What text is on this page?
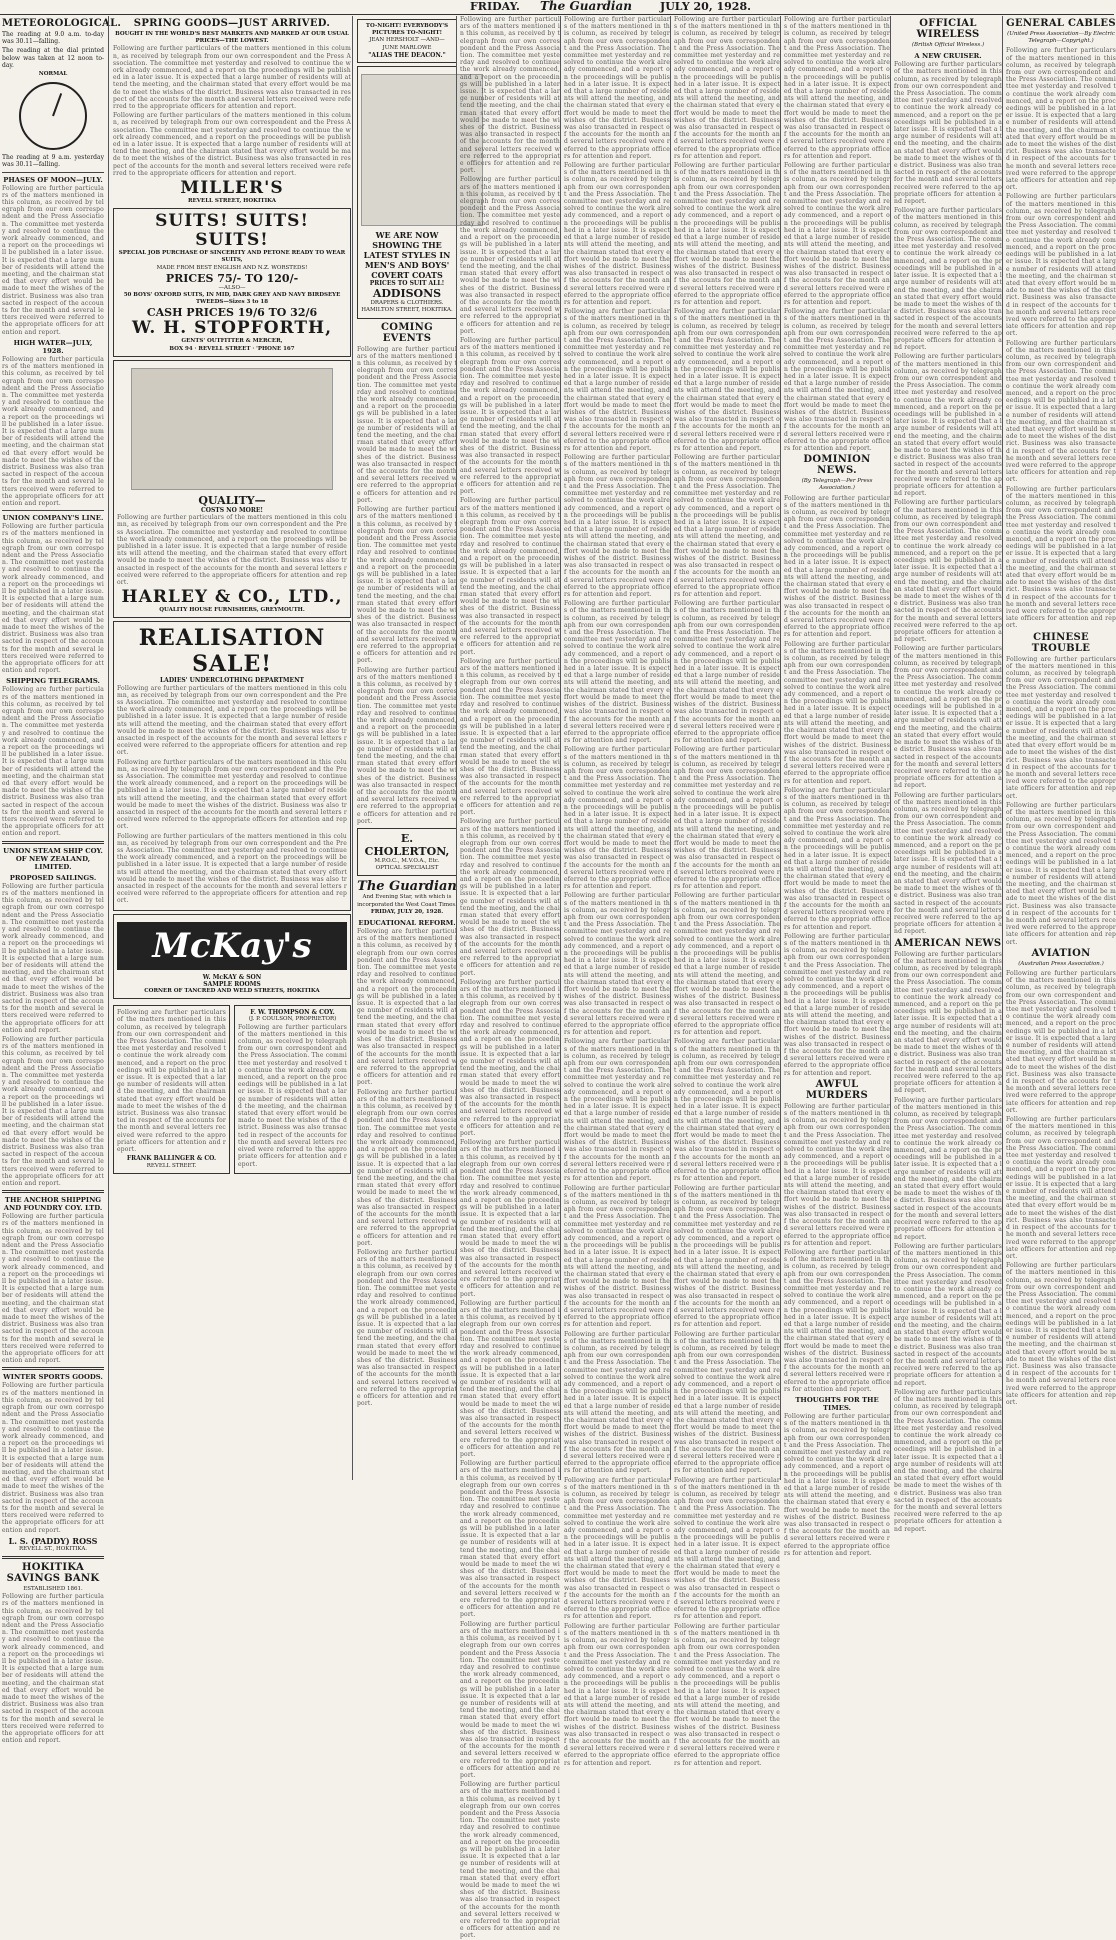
FRIDAY. The Guardian	JULY 20, 1928.
METEOROLOGICAL.

The reading at 9.0 a.m. to-day was 30.11—falling.

The reading at the dial printed below was taken at 12 noon to-day.

NORMAL

The reading at 9 a.m. yesterday was 30.11—falling.

PHASES OF MOON—JULY.

Following are further particulars of the matters mentioned in this column, as received by telegraph from our own correspondent and the Press Association. The committee met yesterday and resolved to continue the work already commenced, and a report on the proceedings will be published in a later issue. It is expected that a large number of residents will attend the meeting, and the chairman stated that every effort would be made to meet the wishes of the district. Business was also transacted in respect of the accounts for the month and several letters received were referred to the appropriate officers for attention and report.

HIGH WATER—JULY, 1928.

Following are further particulars of the matters mentioned in this column, as received by telegraph from our own correspondent and the Press Association. The committee met yesterday and resolved to continue the work already commenced, and a report on the proceedings will be published in a later issue. It is expected that a large number of residents will attend the meeting, and the chairman stated that every effort would be made to meet the wishes of the district. Business was also transacted in respect of the accounts for the month and several letters received were referred to the appropriate officers for attention and report.

UNION COMPANY'S LINE.

Following are further particulars of the matters mentioned in this column, as received by telegraph from our own correspondent and the Press Association. The committee met yesterday and resolved to continue the work already commenced, and a report on the proceedings will be published in a later issue. It is expected that a large number of residents will attend the meeting, and the chairman stated that every effort would be made to meet the wishes of the district. Business was also transacted in respect of the accounts for the month and several letters received were referred to the appropriate officers for attention and report.

SHIPPING TELEGRAMS.

Following are further particulars of the matters mentioned in this column, as received by telegraph from our own correspondent and the Press Association. The committee met yesterday and resolved to continue the work already commenced, and a report on the proceedings will be published in a later issue. It is expected that a large number of residents will attend the meeting, and the chairman stated that every effort would be made to meet the wishes of the district. Business was also transacted in respect of the accounts for the month and several letters received were referred to the appropriate officers for attention and report.

UNION STEAM SHIP COY. OF NEW ZEALAND, LIMITED.
PROPOSED SAILINGS.

Following are further particulars of the matters mentioned in this column, as received by telegraph from our own correspondent and the Press Association. The committee met yesterday and resolved to continue the work already commenced, and a report on the proceedings will be published in a later issue. It is expected that a large number of residents will attend the meeting, and the chairman stated that every effort would be made to meet the wishes of the district. Business was also transacted in respect of the accounts for the month and several letters received were referred to the appropriate officers for attention and report.

Following are further particulars of the matters mentioned in this column, as received by telegraph from our own correspondent and the Press Association. The committee met yesterday and resolved to continue the work already commenced, and a report on the proceedings will be published in a later issue. It is expected that a large number of residents will attend the meeting, and the chairman stated that every effort would be made to meet the wishes of the district. Business was also transacted in respect of the accounts for the month and several letters received were referred to the appropriate officers for attention and report.

THE ANCHOR SHIPPING AND FOUNDRY COY. LTD.

Following are further particulars of the matters mentioned in this column, as received by telegraph from our own correspondent and the Press Association. The committee met yesterday and resolved to continue the work already commenced, and a report on the proceedings will be published in a later issue. It is expected that a large number of residents will attend the meeting, and the chairman stated that every effort would be made to meet the wishes of the district. Business was also transacted in respect of the accounts for the month and several letters received were referred to the appropriate officers for attention and report.

WINTER SPORTS GOODS.

Following are further particulars of the matters mentioned in this column, as received by telegraph from our own correspondent and the Press Association. The committee met yesterday and resolved to continue the work already commenced, and a report on the proceedings will be published in a later issue. It is expected that a large number of residents will attend the meeting, and the chairman stated that every effort would be made to meet the wishes of the district. Business was also transacted in respect of the accounts for the month and several letters received were referred to the appropriate officers for attention and report.

L. S. (PADDY) ROSS
REVELL ST., HOKITIKA.
HOKITIKA SAVINGS BANK
ESTABLISHED 1861.

Following are further particulars of the matters mentioned in this column, as received by telegraph from our own correspondent and the Press Association. The committee met yesterday and resolved to continue the work already commenced, and a report on the proceedings will be published in a later issue. It is expected that a large number of residents will attend the meeting, and the chairman stated that every effort would be made to meet the wishes of the district. Business was also transacted in respect of the accounts for the month and several letters received were referred to the appropriate officers for attention and report.

SPRING GOODS—JUST ARRIVED.
BOUGHT IN THE WORLD'S BEST MARKETS AND MARKED AT OUR USUAL PRICES—THE LOWEST.

Following are further particulars of the matters mentioned in this column, as received by telegraph from our own correspondent and the Press Association. The committee met yesterday and resolved to continue the work already commenced, and a report on the proceedings will be published in a later issue. It is expected that a large number of residents will attend the meeting, and the chairman stated that every effort would be made to meet the wishes of the district. Business was also transacted in respect of the accounts for the month and several letters received were referred to the appropriate officers for attention and report.

Following are further particulars of the matters mentioned in this column, as received by telegraph from our own correspondent and the Press Association. The committee met yesterday and resolved to continue the work already commenced, and a report on the proceedings will be published in a later issue. It is expected that a large number of residents will attend the meeting, and the chairman stated that every effort would be made to meet the wishes of the district. Business was also transacted in respect of the accounts for the month and several letters received were referred to the appropriate officers for attention and report.

MILLER'S
REVELL STREET, HOKITIKA
SUITS! SUITS! SUITS!
SPECIAL JOB PURCHASE OF SINCERITY AND PETONE READY TO WEAR SUITS,
MADE FROM BEST ENGLISH AND N.Z. WORSTEDS!
PRICES 75/- TO 120/-
—ALSO—
50 BOYS' OXFORD SUITS, IN MID, DARK GREY AND NAVY BIRDSEYE TWEEDS—Sizes 3 to 18
CASH PRICES 19/6 TO 32/6
W. H. STOPFORTH,
GENTS' OUTFITTER & MERCER,
BOX 94 · REVELL STREET · 'PHONE 167
QUALITY—
COSTS NO MORE!

Following are further particulars of the matters mentioned in this column, as received by telegraph from our own correspondent and the Press Association. The committee met yesterday and resolved to continue the work already commenced, and a report on the proceedings will be published in a later issue. It is expected that a large number of residents will attend the meeting, and the chairman stated that every effort would be made to meet the wishes of the district. Business was also transacted in respect of the accounts for the month and several letters received were referred to the appropriate officers for attention and report.

HARLEY & CO., LTD.,
QUALITY HOUSE FURNISHERS, GREYMOUTH.
REALISATION SALE!
LADIES' UNDERCLOTHING DEPARTMENT

Following are further particulars of the matters mentioned in this column, as received by telegraph from our own correspondent and the Press Association. The committee met yesterday and resolved to continue the work already commenced, and a report on the proceedings will be published in a later issue. It is expected that a large number of residents will attend the meeting, and the chairman stated that every effort would be made to meet the wishes of the district. Business was also transacted in respect of the accounts for the month and several letters received were referred to the appropriate officers for attention and report.

Following are further particulars of the matters mentioned in this column, as received by telegraph from our own correspondent and the Press Association. The committee met yesterday and resolved to continue the work already commenced, and a report on the proceedings will be published in a later issue. It is expected that a large number of residents will attend the meeting, and the chairman stated that every effort would be made to meet the wishes of the district. Business was also transacted in respect of the accounts for the month and several letters received were referred to the appropriate officers for attention and report.

Following are further particulars of the matters mentioned in this column, as received by telegraph from our own correspondent and the Press Association. The committee met yesterday and resolved to continue the work already commenced, and a report on the proceedings will be published in a later issue. It is expected that a large number of residents will attend the meeting, and the chairman stated that every effort would be made to meet the wishes of the district. Business was also transacted in respect of the accounts for the month and several letters received were referred to the appropriate officers for attention and report.

McKay's
W. McKAY & SON
SAMPLE ROOMS
CORNER OF TANCRED AND WELD STREETS, HOKITIKA

Following are further particulars of the matters mentioned in this column, as received by telegraph from our own correspondent and the Press Association. The committee met yesterday and resolved to continue the work already commenced, and a report on the proceedings will be published in a later issue. It is expected that a large number of residents will attend the meeting, and the chairman stated that every effort would be made to meet the wishes of the district. Business was also transacted in respect of the accounts for the month and several letters received were referred to the appropriate officers for attention and report.

FRANK BALLINGER & CO.
REVELL STREET.
F. W. THOMPSON & COY.
(J. P. COULSON, PROPRIETOR)

Following are further particulars of the matters mentioned in this column, as received by telegraph from our own correspondent and the Press Association. The committee met yesterday and resolved to continue the work already commenced, and a report on the proceedings will be published in a later issue. It is expected that a large number of residents will attend the meeting, and the chairman stated that every effort would be made to meet the wishes of the district. Business was also transacted in respect of the accounts for the month and several letters received were referred to the appropriate officers for attention and report.

TO-NIGHT! EVERYBODY'S PICTURES TO-NIGHT!
JEAN HERSHOLT —AND— JUNE MARLOWE
"ALIAS THE DEACON."
WE ARE NOW SHOWING THE LATEST STYLES IN MEN'S AND BOYS' COVERT COATS
PRICES TO SUIT ALL!
ADDISONS
DRAPERS & CLOTHIERS.
HAMILTON STREET, HOKITIKA.
COMING EVENTS

Following are further particulars of the matters mentioned in this column, as received by telegraph from our own correspondent and the Press Association. The committee met yesterday and resolved to continue the work already commenced, and a report on the proceedings will be published in a later issue. It is expected that a large number of residents will attend the meeting, and the chairman stated that every effort would be made to meet the wishes of the district. Business was also transacted in respect of the accounts for the month and several letters received were referred to the appropriate officers for attention and report.

Following are further particulars of the matters mentioned in this column, as received by telegraph from our own correspondent and the Press Association. The committee met yesterday and resolved to continue the work already commenced, and a report on the proceedings will be published in a later issue. It is expected that a large number of residents will attend the meeting, and the chairman stated that every effort would be made to meet the wishes of the district. Business was also transacted in respect of the accounts for the month and several letters received were referred to the appropriate officers for attention and report.

Following are further particulars of the matters mentioned in this column, as received by telegraph from our own correspondent and the Press Association. The committee met yesterday and resolved to continue the work already commenced, and a report on the proceedings will be published in a later issue. It is expected that a large number of residents will attend the meeting, and the chairman stated that every effort would be made to meet the wishes of the district. Business was also transacted in respect of the accounts for the month and several letters received were referred to the appropriate officers for attention and report.

E. CHOLERTON,
M.P.O.C., M.V.O.A., Etc. OPTICAL SPECIALIST
The Guardian
And Evening Star, with which is incorporated the West Coast Times.
FRIDAY, JULY 20, 1928.
EDUCATIONAL REFORM.

Following are further particulars of the matters mentioned in this column, as received by telegraph from our own correspondent and the Press Association. The committee met yesterday and resolved to continue the work already commenced, and a report on the proceedings will be published in a later issue. It is expected that a large number of residents will attend the meeting, and the chairman stated that every effort would be made to meet the wishes of the district. Business was also transacted in respect of the accounts for the month and several letters received were referred to the appropriate officers for attention and report.

Following are further particulars of the matters mentioned in this column, as received by telegraph from our own correspondent and the Press Association. The committee met yesterday and resolved to continue the work already commenced, and a report on the proceedings will be published in a later issue. It is expected that a large number of residents will attend the meeting, and the chairman stated that every effort would be made to meet the wishes of the district. Business was also transacted in respect of the accounts for the month and several letters received were referred to the appropriate officers for attention and report.

Following are further particulars of the matters mentioned in this column, as received by telegraph from our own correspondent and the Press Association. The committee met yesterday and resolved to continue the work already commenced, and a report on the proceedings will be published in a later issue. It is expected that a large number of residents will attend the meeting, and the chairman stated that every effort would be made to meet the wishes of the district. Business was also transacted in respect of the accounts for the month and several letters received were referred to the appropriate officers for attention and report.

Following are further particulars of the matters mentioned in this column, as received by telegraph from our own correspondent and the Press Association. The committee met yesterday and resolved to continue the work already commenced, and a report on the proceedings will be published in a later issue. It is expected that a large number of residents will attend the meeting, and the chairman stated that every effort would be made to meet the wishes of the district. Business was also transacted in respect of the accounts for the month and several letters received were referred to the appropriate officers for attention and report.

Following are further particulars of the matters mentioned in this column, as received by telegraph from our own correspondent and the Press Association. The committee met yesterday and resolved to continue the work already commenced, and a report on the proceedings will be published in a later issue. It is expected that a large number of residents will attend the meeting, and the chairman stated that every effort would be made to meet the wishes of the district. Business was also transacted in respect of the accounts for the month and several letters received were referred to the appropriate officers for attention and report.

Following are further particulars of the matters mentioned in this column, as received by telegraph from our own correspondent and the Press Association. The committee met yesterday and resolved to continue the work already commenced, and a report on the proceedings will be published in a later issue. It is expected that a large number of residents will attend the meeting, and the chairman stated that every effort would be made to meet the wishes of the district. Business was also transacted in respect of the accounts for the month and several letters received were referred to the appropriate officers for attention and report.

Following are further particulars of the matters mentioned in this column, as received by telegraph from our own correspondent and the Press Association. The committee met yesterday and resolved to continue the work already commenced, and a report on the proceedings will be published in a later issue. It is expected that a large number of residents will attend the meeting, and the chairman stated that every effort would be made to meet the wishes of the district. Business was also transacted in respect of the accounts for the month and several letters received were referred to the appropriate officers for attention and report.

Following are further particulars of the matters mentioned in this column, as received by telegraph from our own correspondent and the Press Association. The committee met yesterday and resolved to continue the work already commenced, and a report on the proceedings will be published in a later issue. It is expected that a large number of residents will attend the meeting, and the chairman stated that every effort would be made to meet the wishes of the district. Business was also transacted in respect of the accounts for the month and several letters received were referred to the appropriate officers for attention and report.

Following are further particulars of the matters mentioned in this column, as received by telegraph from our own correspondent and the Press Association. The committee met yesterday and resolved to continue the work already commenced, and a report on the proceedings will be published in a later issue. It is expected that a large number of residents will attend the meeting, and the chairman stated that every effort would be made to meet the wishes of the district. Business was also transacted in respect of the accounts for the month and several letters received were referred to the appropriate officers for attention and report.

Following are further particulars of the matters mentioned in this column, as received by telegraph from our own correspondent and the Press Association. The committee met yesterday and resolved to continue the work already commenced, and a report on the proceedings will be published in a later issue. It is expected that a large number of residents will attend the meeting, and the chairman stated that every effort would be made to meet the wishes of the district. Business was also transacted in respect of the accounts for the month and several letters received were referred to the appropriate officers for attention and report.

Following are further particulars of the matters mentioned in this column, as received by telegraph from our own correspondent and the Press Association. The committee met yesterday and resolved to continue the work already commenced, and a report on the proceedings will be published in a later issue. It is expected that a large number of residents will attend the meeting, and the chairman stated that every effort would be made to meet the wishes of the district. Business was also transacted in respect of the accounts for the month and several letters received were referred to the appropriate officers for attention and report.

Following are further particulars of the matters mentioned in this column, as received by telegraph from our own correspondent and the Press Association. The committee met yesterday and resolved to continue the work already commenced, and a report on the proceedings will be published in a later issue. It is expected that a large number of residents will attend the meeting, and the chairman stated that every effort would be made to meet the wishes of the district. Business was also transacted in respect of the accounts for the month and several letters received were referred to the appropriate officers for attention and report.

Following are further particulars of the matters mentioned in this column, as received by telegraph from our own correspondent and the Press Association. The committee met yesterday and resolved to continue the work already commenced, and a report on the proceedings will be published in a later issue. It is expected that a large number of residents will attend the meeting, and the chairman stated that every effort would be made to meet the wishes of the district. Business was also transacted in respect of the accounts for the month and several letters received were referred to the appropriate officers for attention and report.

Following are further particulars of the matters mentioned in this column, as received by telegraph from our own correspondent and the Press Association. The committee met yesterday and resolved to continue the work already commenced, and a report on the proceedings will be published in a later issue. It is expected that a large number of residents will attend the meeting, and the chairman stated that every effort would be made to meet the wishes of the district. Business was also transacted in respect of the accounts for the month and several letters received were referred to the appropriate officers for attention and report.

Following are further particulars of the matters mentioned in this column, as received by telegraph from our own correspondent and the Press Association. The committee met yesterday and resolved to continue the work already commenced, and a report on the proceedings will be published in a later issue. It is expected that a large number of residents will attend the meeting, and the chairman stated that every effort would be made to meet the wishes of the district. Business was also transacted in respect of the accounts for the month and several letters received were referred to the appropriate officers for attention and report.

Following are further particulars of the matters mentioned in this column, as received by telegraph from our own correspondent and the Press Association. The committee met yesterday and resolved to continue the work already commenced, and a report on the proceedings will be published in a later issue. It is expected that a large number of residents will attend the meeting, and the chairman stated that every effort would be made to meet the wishes of the district. Business was also transacted in respect of the accounts for the month and several letters received were referred to the appropriate officers for attention and report.

Following are further particulars of the matters mentioned in this column, as received by telegraph from our own correspondent and the Press Association. The committee met yesterday and resolved to continue the work already commenced, and a report on the proceedings will be published in a later issue. It is expected that a large number of residents will attend the meeting, and the chairman stated that every effort would be made to meet the wishes of the district. Business was also transacted in respect of the accounts for the month and several letters received were referred to the appropriate officers for attention and report.

Following are further particulars of the matters mentioned in this column, as received by telegraph from our own correspondent and the Press Association. The committee met yesterday and resolved to continue the work already commenced, and a report on the proceedings will be published in a later issue. It is expected that a large number of residents will attend the meeting, and the chairman stated that every effort would be made to meet the wishes of the district. Business was also transacted in respect of the accounts for the month and several letters received were referred to the appropriate officers for attention and report.

Following are further particulars of the matters mentioned in this column, as received by telegraph from our own correspondent and the Press Association. The committee met yesterday and resolved to continue the work already commenced, and a report on the proceedings will be published in a later issue. It is expected that a large number of residents will attend the meeting, and the chairman stated that every effort would be made to meet the wishes of the district. Business was also transacted in respect of the accounts for the month and several letters received were referred to the appropriate officers for attention and report.

Following are further particulars of the matters mentioned in this column, as received by telegraph from our own correspondent and the Press Association. The committee met yesterday and resolved to continue the work already commenced, and a report on the proceedings will be published in a later issue. It is expected that a large number of residents will attend the meeting, and the chairman stated that every effort would be made to meet the wishes of the district. Business was also transacted in respect of the accounts for the month and several letters received were referred to the appropriate officers for attention and report.

Following are further particulars of the matters mentioned in this column, as received by telegraph from our own correspondent and the Press Association. The committee met yesterday and resolved to continue the work already commenced, and a report on the proceedings will be published in a later issue. It is expected that a large number of residents will attend the meeting, and the chairman stated that every effort would be made to meet the wishes of the district. Business was also transacted in respect of the accounts for the month and several letters received were referred to the appropriate officers for attention and report.

Following are further particulars of the matters mentioned in this column, as received by telegraph from our own correspondent and the Press Association. The committee met yesterday and resolved to continue the work already commenced, and a report on the proceedings will be published in a later issue. It is expected that a large number of residents will attend the meeting, and the chairman stated that every effort would be made to meet the wishes of the district. Business was also transacted in respect of the accounts for the month and several letters received were referred to the appropriate officers for attention and report.

Following are further particulars of the matters mentioned in this column, as received by telegraph from our own correspondent and the Press Association. The committee met yesterday and resolved to continue the work already commenced, and a report on the proceedings will be published in a later issue. It is expected that a large number of residents will attend the meeting, and the chairman stated that every effort would be made to meet the wishes of the district. Business was also transacted in respect of the accounts for the month and several letters received were referred to the appropriate officers for attention and report.

Following are further particulars of the matters mentioned in this column, as received by telegraph from our own correspondent and the Press Association. The committee met yesterday and resolved to continue the work already commenced, and a report on the proceedings will be published in a later issue. It is expected that a large number of residents will attend the meeting, and the chairman stated that every effort would be made to meet the wishes of the district. Business was also transacted in respect of the accounts for the month and several letters received were referred to the appropriate officers for attention and report.

Following are further particulars of the matters mentioned in this column, as received by telegraph from our own correspondent and the Press Association. The committee met yesterday and resolved to continue the work already commenced, and a report on the proceedings will be published in a later issue. It is expected that a large number of residents will attend the meeting, and the chairman stated that every effort would be made to meet the wishes of the district. Business was also transacted in respect of the accounts for the month and several letters received were referred to the appropriate officers for attention and report.

Following are further particulars of the matters mentioned in this column, as received by telegraph from our own correspondent and the Press Association. The committee met yesterday and resolved to continue the work already commenced, and a report on the proceedings will be published in a later issue. It is expected that a large number of residents will attend the meeting, and the chairman stated that every effort would be made to meet the wishes of the district. Business was also transacted in respect of the accounts for the month and several letters received were referred to the appropriate officers for attention and report.

Following are further particulars of the matters mentioned in this column, as received by telegraph from our own correspondent and the Press Association. The committee met yesterday and resolved to continue the work already commenced, and a report on the proceedings will be published in a later issue. It is expected that a large number of residents will attend the meeting, and the chairman stated that every effort would be made to meet the wishes of the district. Business was also transacted in respect of the accounts for the month and several letters received were referred to the appropriate officers for attention and report.

Following are further particulars of the matters mentioned in this column, as received by telegraph from our own correspondent and the Press Association. The committee met yesterday and resolved to continue the work already commenced, and a report on the proceedings will be published in a later issue. It is expected that a large number of residents will attend the meeting, and the chairman stated that every effort would be made to meet the wishes of the district. Business was also transacted in respect of the accounts for the month and several letters received were referred to the appropriate officers for attention and report.

Following are further particulars of the matters mentioned in this column, as received by telegraph from our own correspondent and the Press Association. The committee met yesterday and resolved to continue the work already commenced, and a report on the proceedings will be published in a later issue. It is expected that a large number of residents will attend the meeting, and the chairman stated that every effort would be made to meet the wishes of the district. Business was also transacted in respect of the accounts for the month and several letters received were referred to the appropriate officers for attention and report.

Following are further particulars of the matters mentioned in this column, as received by telegraph from our own correspondent and the Press Association. The committee met yesterday and resolved to continue the work already commenced, and a report on the proceedings will be published in a later issue. It is expected that a large number of residents will attend the meeting, and the chairman stated that every effort would be made to meet the wishes of the district. Business was also transacted in respect of the accounts for the month and several letters received were referred to the appropriate officers for attention and report.

Following are further particulars of the matters mentioned in this column, as received by telegraph from our own correspondent and the Press Association. The committee met yesterday and resolved to continue the work already commenced, and a report on the proceedings will be published in a later issue. It is expected that a large number of residents will attend the meeting, and the chairman stated that every effort would be made to meet the wishes of the district. Business was also transacted in respect of the accounts for the month and several letters received were referred to the appropriate officers for attention and report.

Following are further particulars of the matters mentioned in this column, as received by telegraph from our own correspondent and the Press Association. The committee met yesterday and resolved to continue the work already commenced, and a report on the proceedings will be published in a later issue. It is expected that a large number of residents will attend the meeting, and the chairman stated that every effort would be made to meet the wishes of the district. Business was also transacted in respect of the accounts for the month and several letters received were referred to the appropriate officers for attention and report.

Following are further particulars of the matters mentioned in this column, as received by telegraph from our own correspondent and the Press Association. The committee met yesterday and resolved to continue the work already commenced, and a report on the proceedings will be published in a later issue. It is expected that a large number of residents will attend the meeting, and the chairman stated that every effort would be made to meet the wishes of the district. Business was also transacted in respect of the accounts for the month and several letters received were referred to the appropriate officers for attention and report.

Following are further particulars of the matters mentioned in this column, as received by telegraph from our own correspondent and the Press Association. The committee met yesterday and resolved to continue the work already commenced, and a report on the proceedings will be published in a later issue. It is expected that a large number of residents will attend the meeting, and the chairman stated that every effort would be made to meet the wishes of the district. Business was also transacted in respect of the accounts for the month and several letters received were referred to the appropriate officers for attention and report.

Following are further particulars of the matters mentioned in this column, as received by telegraph from our own correspondent and the Press Association. The committee met yesterday and resolved to continue the work already commenced, and a report on the proceedings will be published in a later issue. It is expected that a large number of residents will attend the meeting, and the chairman stated that every effort would be made to meet the wishes of the district. Business was also transacted in respect of the accounts for the month and several letters received were referred to the appropriate officers for attention and report.

Following are further particulars of the matters mentioned in this column, as received by telegraph from our own correspondent and the Press Association. The committee met yesterday and resolved to continue the work already commenced, and a report on the proceedings will be published in a later issue. It is expected that a large number of residents will attend the meeting, and the chairman stated that every effort would be made to meet the wishes of the district. Business was also transacted in respect of the accounts for the month and several letters received were referred to the appropriate officers for attention and report.

Following are further particulars of the matters mentioned in this column, as received by telegraph from our own correspondent and the Press Association. The committee met yesterday and resolved to continue the work already commenced, and a report on the proceedings will be published in a later issue. It is expected that a large number of residents will attend the meeting, and the chairman stated that every effort would be made to meet the wishes of the district. Business was also transacted in respect of the accounts for the month and several letters received were referred to the appropriate officers for attention and report.

Following are further particulars of the matters mentioned in this column, as received by telegraph from our own correspondent and the Press Association. The committee met yesterday and resolved to continue the work already commenced, and a report on the proceedings will be published in a later issue. It is expected that a large number of residents will attend the meeting, and the chairman stated that every effort would be made to meet the wishes of the district. Business was also transacted in respect of the accounts for the month and several letters received were referred to the appropriate officers for attention and report.

Following are further particulars of the matters mentioned in this column, as received by telegraph from our own correspondent and the Press Association. The committee met yesterday and resolved to continue the work already commenced, and a report on the proceedings will be published in a later issue. It is expected that a large number of residents will attend the meeting, and the chairman stated that every effort would be made to meet the wishes of the district. Business was also transacted in respect of the accounts for the month and several letters received were referred to the appropriate officers for attention and report.

Following are further particulars of the matters mentioned in this column, as received by telegraph from our own correspondent and the Press Association. The committee met yesterday and resolved to continue the work already commenced, and a report on the proceedings will be published in a later issue. It is expected that a large number of residents will attend the meeting, and the chairman stated that every effort would be made to meet the wishes of the district. Business was also transacted in respect of the accounts for the month and several letters received were referred to the appropriate officers for attention and report.

Following are further particulars of the matters mentioned in this column, as received by telegraph from our own correspondent and the Press Association. The committee met yesterday and resolved to continue the work already commenced, and a report on the proceedings will be published in a later issue. It is expected that a large number of residents will attend the meeting, and the chairman stated that every effort would be made to meet the wishes of the district. Business was also transacted in respect of the accounts for the month and several letters received were referred to the appropriate officers for attention and report.

Following are further particulars of the matters mentioned in this column, as received by telegraph from our own correspondent and the Press Association. The committee met yesterday and resolved to continue the work already commenced, and a report on the proceedings will be published in a later issue. It is expected that a large number of residents will attend the meeting, and the chairman stated that every effort would be made to meet the wishes of the district. Business was also transacted in respect of the accounts for the month and several letters received were referred to the appropriate officers for attention and report.

DOMINION NEWS.
(By Telegraph—Per Press Association.)

Following are further particulars of the matters mentioned in this column, as received by telegraph from our own correspondent and the Press Association. The committee met yesterday and resolved to continue the work already commenced, and a report on the proceedings will be published in a later issue. It is expected that a large number of residents will attend the meeting, and the chairman stated that every effort would be made to meet the wishes of the district. Business was also transacted in respect of the accounts for the month and several letters received were referred to the appropriate officers for attention and report.

Following are further particulars of the matters mentioned in this column, as received by telegraph from our own correspondent and the Press Association. The committee met yesterday and resolved to continue the work already commenced, and a report on the proceedings will be published in a later issue. It is expected that a large number of residents will attend the meeting, and the chairman stated that every effort would be made to meet the wishes of the district. Business was also transacted in respect of the accounts for the month and several letters received were referred to the appropriate officers for attention and report.

Following are further particulars of the matters mentioned in this column, as received by telegraph from our own correspondent and the Press Association. The committee met yesterday and resolved to continue the work already commenced, and a report on the proceedings will be published in a later issue. It is expected that a large number of residents will attend the meeting, and the chairman stated that every effort would be made to meet the wishes of the district. Business was also transacted in respect of the accounts for the month and several letters received were referred to the appropriate officers for attention and report.

Following are further particulars of the matters mentioned in this column, as received by telegraph from our own correspondent and the Press Association. The committee met yesterday and resolved to continue the work already commenced, and a report on the proceedings will be published in a later issue. It is expected that a large number of residents will attend the meeting, and the chairman stated that every effort would be made to meet the wishes of the district. Business was also transacted in respect of the accounts for the month and several letters received were referred to the appropriate officers for attention and report.

AWFUL MURDERS

Following are further particulars of the matters mentioned in this column, as received by telegraph from our own correspondent and the Press Association. The committee met yesterday and resolved to continue the work already commenced, and a report on the proceedings will be published in a later issue. It is expected that a large number of residents will attend the meeting, and the chairman stated that every effort would be made to meet the wishes of the district. Business was also transacted in respect of the accounts for the month and several letters received were referred to the appropriate officers for attention and report.

Following are further particulars of the matters mentioned in this column, as received by telegraph from our own correspondent and the Press Association. The committee met yesterday and resolved to continue the work already commenced, and a report on the proceedings will be published in a later issue. It is expected that a large number of residents will attend the meeting, and the chairman stated that every effort would be made to meet the wishes of the district. Business was also transacted in respect of the accounts for the month and several letters received were referred to the appropriate officers for attention and report.

THOUGHTS FOR THE TIMES.

Following are further particulars of the matters mentioned in this column, as received by telegraph from our own correspondent and the Press Association. The committee met yesterday and resolved to continue the work already commenced, and a report on the proceedings will be published in a later issue. It is expected that a large number of residents will attend the meeting, and the chairman stated that every effort would be made to meet the wishes of the district. Business was also transacted in respect of the accounts for the month and several letters received were referred to the appropriate officers for attention and report.

OFFICIAL WIRELESS
(British Official Wireless.)
A NEW CRUISER.

Following are further particulars of the matters mentioned in this column, as received by telegraph from our own correspondent and the Press Association. The committee met yesterday and resolved to continue the work already commenced, and a report on the proceedings will be published in a later issue. It is expected that a large number of residents will attend the meeting, and the chairman stated that every effort would be made to meet the wishes of the district. Business was also transacted in respect of the accounts for the month and several letters received were referred to the appropriate officers for attention and report.

Following are further particulars of the matters mentioned in this column, as received by telegraph from our own correspondent and the Press Association. The committee met yesterday and resolved to continue the work already commenced, and a report on the proceedings will be published in a later issue. It is expected that a large number of residents will attend the meeting, and the chairman stated that every effort would be made to meet the wishes of the district. Business was also transacted in respect of the accounts for the month and several letters received were referred to the appropriate officers for attention and report.

Following are further particulars of the matters mentioned in this column, as received by telegraph from our own correspondent and the Press Association. The committee met yesterday and resolved to continue the work already commenced, and a report on the proceedings will be published in a later issue. It is expected that a large number of residents will attend the meeting, and the chairman stated that every effort would be made to meet the wishes of the district. Business was also transacted in respect of the accounts for the month and several letters received were referred to the appropriate officers for attention and report.

Following are further particulars of the matters mentioned in this column, as received by telegraph from our own correspondent and the Press Association. The committee met yesterday and resolved to continue the work already commenced, and a report on the proceedings will be published in a later issue. It is expected that a large number of residents will attend the meeting, and the chairman stated that every effort would be made to meet the wishes of the district. Business was also transacted in respect of the accounts for the month and several letters received were referred to the appropriate officers for attention and report.

Following are further particulars of the matters mentioned in this column, as received by telegraph from our own correspondent and the Press Association. The committee met yesterday and resolved to continue the work already commenced, and a report on the proceedings will be published in a later issue. It is expected that a large number of residents will attend the meeting, and the chairman stated that every effort would be made to meet the wishes of the district. Business was also transacted in respect of the accounts for the month and several letters received were referred to the appropriate officers for attention and report.

Following are further particulars of the matters mentioned in this column, as received by telegraph from our own correspondent and the Press Association. The committee met yesterday and resolved to continue the work already commenced, and a report on the proceedings will be published in a later issue. It is expected that a large number of residents will attend the meeting, and the chairman stated that every effort would be made to meet the wishes of the district. Business was also transacted in respect of the accounts for the month and several letters received were referred to the appropriate officers for attention and report.

AMERICAN NEWS

Following are further particulars of the matters mentioned in this column, as received by telegraph from our own correspondent and the Press Association. The committee met yesterday and resolved to continue the work already commenced, and a report on the proceedings will be published in a later issue. It is expected that a large number of residents will attend the meeting, and the chairman stated that every effort would be made to meet the wishes of the district. Business was also transacted in respect of the accounts for the month and several letters received were referred to the appropriate officers for attention and report.

Following are further particulars of the matters mentioned in this column, as received by telegraph from our own correspondent and the Press Association. The committee met yesterday and resolved to continue the work already commenced, and a report on the proceedings will be published in a later issue. It is expected that a large number of residents will attend the meeting, and the chairman stated that every effort would be made to meet the wishes of the district. Business was also transacted in respect of the accounts for the month and several letters received were referred to the appropriate officers for attention and report.

Following are further particulars of the matters mentioned in this column, as received by telegraph from our own correspondent and the Press Association. The committee met yesterday and resolved to continue the work already commenced, and a report on the proceedings will be published in a later issue. It is expected that a large number of residents will attend the meeting, and the chairman stated that every effort would be made to meet the wishes of the district. Business was also transacted in respect of the accounts for the month and several letters received were referred to the appropriate officers for attention and report.

Following are further particulars of the matters mentioned in this column, as received by telegraph from our own correspondent and the Press Association. The committee met yesterday and resolved to continue the work already commenced, and a report on the proceedings will be published in a later issue. It is expected that a large number of residents will attend the meeting, and the chairman stated that every effort would be made to meet the wishes of the district. Business was also transacted in respect of the accounts for the month and several letters received were referred to the appropriate officers for attention and report.

GENERAL CABLES
(United Press Association—By Electric Telegraph—Copyright.)

Following are further particulars of the matters mentioned in this column, as received by telegraph from our own correspondent and the Press Association. The committee met yesterday and resolved to continue the work already commenced, and a report on the proceedings will be published in a later issue. It is expected that a large number of residents will attend the meeting, and the chairman stated that every effort would be made to meet the wishes of the district. Business was also transacted in respect of the accounts for the month and several letters received were referred to the appropriate officers for attention and report.

Following are further particulars of the matters mentioned in this column, as received by telegraph from our own correspondent and the Press Association. The committee met yesterday and resolved to continue the work already commenced, and a report on the proceedings will be published in a later issue. It is expected that a large number of residents will attend the meeting, and the chairman stated that every effort would be made to meet the wishes of the district. Business was also transacted in respect of the accounts for the month and several letters received were referred to the appropriate officers for attention and report.

Following are further particulars of the matters mentioned in this column, as received by telegraph from our own correspondent and the Press Association. The committee met yesterday and resolved to continue the work already commenced, and a report on the proceedings will be published in a later issue. It is expected that a large number of residents will attend the meeting, and the chairman stated that every effort would be made to meet the wishes of the district. Business was also transacted in respect of the accounts for the month and several letters received were referred to the appropriate officers for attention and report.

Following are further particulars of the matters mentioned in this column, as received by telegraph from our own correspondent and the Press Association. The committee met yesterday and resolved to continue the work already commenced, and a report on the proceedings will be published in a later issue. It is expected that a large number of residents will attend the meeting, and the chairman stated that every effort would be made to meet the wishes of the district. Business was also transacted in respect of the accounts for the month and several letters received were referred to the appropriate officers for attention and report.

CHINESE TROUBLE

Following are further particulars of the matters mentioned in this column, as received by telegraph from our own correspondent and the Press Association. The committee met yesterday and resolved to continue the work already commenced, and a report on the proceedings will be published in a later issue. It is expected that a large number of residents will attend the meeting, and the chairman stated that every effort would be made to meet the wishes of the district. Business was also transacted in respect of the accounts for the month and several letters received were referred to the appropriate officers for attention and report.

Following are further particulars of the matters mentioned in this column, as received by telegraph from our own correspondent and the Press Association. The committee met yesterday and resolved to continue the work already commenced, and a report on the proceedings will be published in a later issue. It is expected that a large number of residents will attend the meeting, and the chairman stated that every effort would be made to meet the wishes of the district. Business was also transacted in respect of the accounts for the month and several letters received were referred to the appropriate officers for attention and report.

AVIATION
(Australian Press Association.)

Following are further particulars of the matters mentioned in this column, as received by telegraph from our own correspondent and the Press Association. The committee met yesterday and resolved to continue the work already commenced, and a report on the proceedings will be published in a later issue. It is expected that a large number of residents will attend the meeting, and the chairman stated that every effort would be made to meet the wishes of the district. Business was also transacted in respect of the accounts for the month and several letters received were referred to the appropriate officers for attention and report.

Following are further particulars of the matters mentioned in this column, as received by telegraph from our own correspondent and the Press Association. The committee met yesterday and resolved to continue the work already commenced, and a report on the proceedings will be published in a later issue. It is expected that a large number of residents will attend the meeting, and the chairman stated that every effort would be made to meet the wishes of the district. Business was also transacted in respect of the accounts for the month and several letters received were referred to the appropriate officers for attention and report.

Following are further particulars of the matters mentioned in this column, as received by telegraph from our own correspondent and the Press Association. The committee met yesterday and resolved to continue the work already commenced, and a report on the proceedings will be published in a later issue. It is expected that a large number of residents will attend the meeting, and the chairman stated that every effort would be made to meet the wishes of the district. Business was also transacted in respect of the accounts for the month and several letters received were referred to the appropriate officers for attention and report.
